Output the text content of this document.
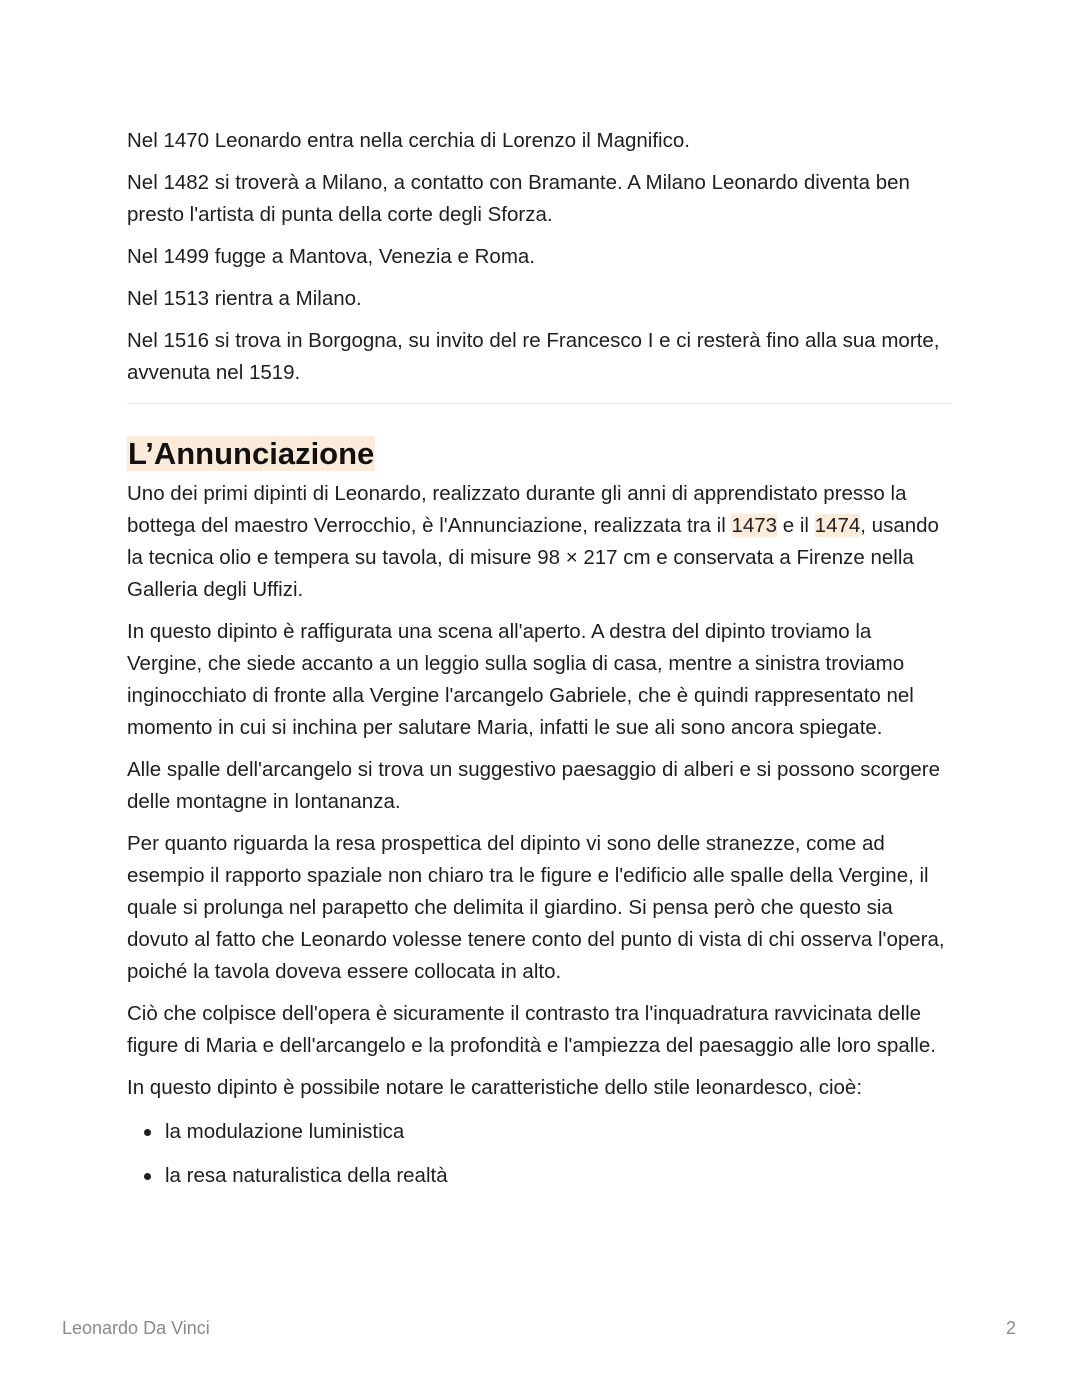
Nel 1470 Leonardo entra nella cerchia di Lorenzo il Magnifico.

Nel 1482 si troverà a Milano, a contatto con Bramante. A Milano Leonardo diventa ben presto l'artista di punta della corte degli Sforza.

Nel 1499 fugge a Mantova, Venezia e Roma.

Nel 1513 rientra a Milano.

Nel 1516 si trova in Borgogna, su invito del re Francesco I e ci resterà fino alla sua morte, avvenuta nel 1519.

L’Annunciazione

Uno dei primi dipinti di Leonardo, realizzato durante gli anni di apprendistato presso la bottega del maestro Verrocchio, è l'Annunciazione, realizzata tra il 1473 e il 1474, usando la tecnica olio e tempera su tavola, di misure 98 × 217 cm e conservata a Firenze nella Galleria degli Uffizi.

In questo dipinto è raffigurata una scena all'aperto. A destra del dipinto troviamo la Vergine, che siede accanto a un leggio sulla soglia di casa, mentre a sinistra troviamo inginocchiato di fronte alla Vergine l'arcangelo Gabriele, che è quindi rappresentato nel momento in cui si inchina per salutare Maria, infatti le sue ali sono ancora spiegate.

Alle spalle dell'arcangelo si trova un suggestivo paesaggio di alberi e si possono scorgere delle montagne in lontananza.

Per quanto riguarda la resa prospettica del dipinto vi sono delle stranezze, come ad esempio il rapporto spaziale non chiaro tra le figure e l'edificio alle spalle della Vergine, il quale si prolunga nel parapetto che delimita il giardino. Si pensa però che questo sia dovuto al fatto che Leonardo volesse tenere conto del punto di vista di chi osserva l'opera, poiché la tavola doveva essere collocata in alto.

Ciò che colpisce dell'opera è sicuramente il contrasto tra l'inquadratura ravvicinata delle figure di Maria e dell'arcangelo e la profondità e l'ampiezza del paesaggio alle loro spalle.

In questo dipinto è possibile notare le caratteristiche dello stile leonardesco, cioè:

la modulazione luministica
la resa naturalistica della realtà
Leonardo Da Vinci	2
